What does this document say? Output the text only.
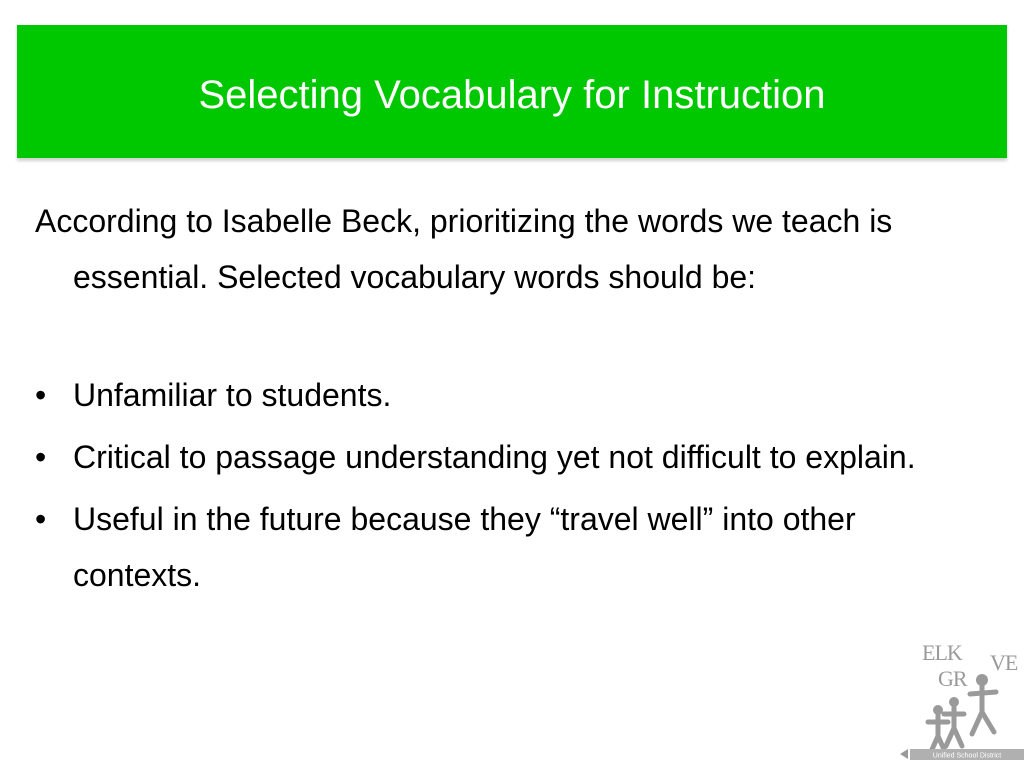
Selecting Vocabulary for Instruction

According to Isabelle Beck, prioritizing the words we teach is essential. Selected vocabulary words should be:

• Unfamiliar to students.
• Critical to passage understanding yet not difficult to explain.
• Useful in the future because they “travel well” into other contexts.
ELK
GR
VE
Unified School District
